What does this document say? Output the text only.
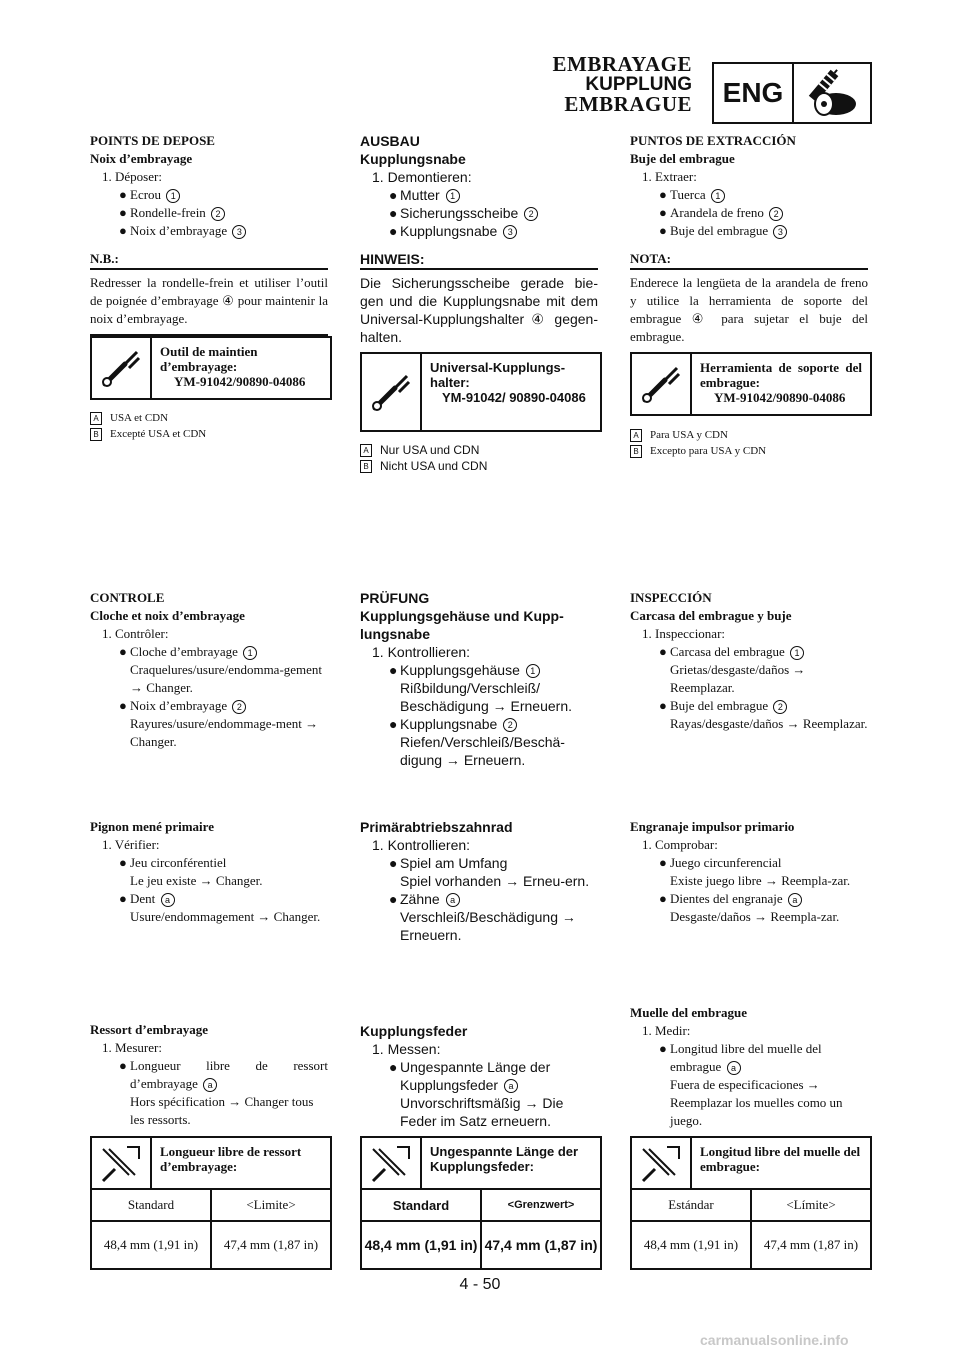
EMBRAYAGE
KUPPLUNG
EMBRAGUE	ENG
POINTS DE DEPOSE
Noix d’embrayage
1. Déposer:
● Ecrou 1
● Rondelle-frein 2
● Noix d’embrayage 3
N.B.:
Redresser la rondelle-frein et utiliser l’outil de poignée d’embrayage ④ pour maintenir la noix d’embrayage.
Outil de maintien d’embrayage:
YM-91042/90890-04086
A USA et CDN
B Excepté USA et CDN
CONTROLE
Cloche et noix d’embrayage
1. Contrôler:
● Cloche d’embrayage 1
Craquelures/usure/endomma-gement → Changer.
● Noix d’embrayage 2
Rayures/usure/endommage-ment → Changer.
Pignon mené primaire
1. Vérifier:
● Jeu circonférentiel
Le jeu existe → Changer.
● Dent a
Usure/endommagement → Changer.
Ressort d’embrayage
1. Mesurer:
● Longueur libre de ressort d’embrayage a
Hors spécification → Changer tous les ressorts.
Longueur libre de ressort d’embrayage:
Standard	<Limite>
48,4 mm (1,91 in)	47,4 mm (1,87 in)
AUSBAU
Kupplungsnabe
1. Demontieren:
● Mutter 1
● Sicherungsscheibe 2
● Kupplungsnabe 3
HINWEIS:
Die Sicherungsscheibe gerade bie-gen und die Kupplungsnabe mit dem Universal-Kupplungshalter ④ gegen-halten.
Universal-Kupplungs-halter:
YM-91042/ 90890-04086
A Nur USA und CDN
B Nicht USA und CDN
PRÜFUNG
Kupplungsgehäuse und Kupp-lungsnabe
1. Kontrollieren:
● Kupplungsgehäuse 1
Rißbildung/Verschleiß/ Beschädigung → Erneuern.
● Kupplungsnabe 2
Riefen/Verschleiß/Beschä-digung → Erneuern.
Primärabtriebszahnrad
1. Kontrollieren:
● Spiel am Umfang
Spiel vorhanden → Erneu-ern.
● Zähne a
Verschleiß/Beschädigung → Erneuern.
Kupplungsfeder
1. Messen:
● Ungespannte Länge der Kupplungsfeder a
Unvorschriftsmäßig → Die Feder im Satz erneuern.
Ungespannte Länge der Kupplungsfeder:
Standard	<Grenzwert>
48,4 mm (1,91 in)	47,4 mm (1,87 in)
PUNTOS DE EXTRACCIÓN
Buje del embrague
1. Extraer:
● Tuerca 1
● Arandela de freno 2
● Buje del embrague 3
NOTA:
Enderece la lengüeta de la arandela de freno y utilice la herramienta de soporte del embrague ④ para sujetar el buje del embrague.
Herramienta de soporte del embrague:
YM-91042/90890-04086
A Para USA y CDN
B Excepto para USA y CDN
INSPECCIÓN
Carcasa del embrague y buje
1. Inspeccionar:
● Carcasa del embrague 1
Grietas/desgaste/daños → Reemplazar.
● Buje del embrague 2
Rayas/desgaste/daños → Reemplazar.
Engranaje impulsor primario
1. Comprobar:
● Juego circunferencial
Existe juego libre → Reempla-zar.
● Dientes del engranaje a
Desgaste/daños → Reempla-zar.
Muelle del embrague
1. Medir:
● Longitud libre del muelle del embrague a
Fuera de especificaciones → Reemplazar los muelles como un juego.
Longitud libre del muelle del embrague:
Estándar	<Límite>
48,4 mm (1,91 in)	47,4 mm (1,87 in)
4 - 50
carmanualsonline.info
